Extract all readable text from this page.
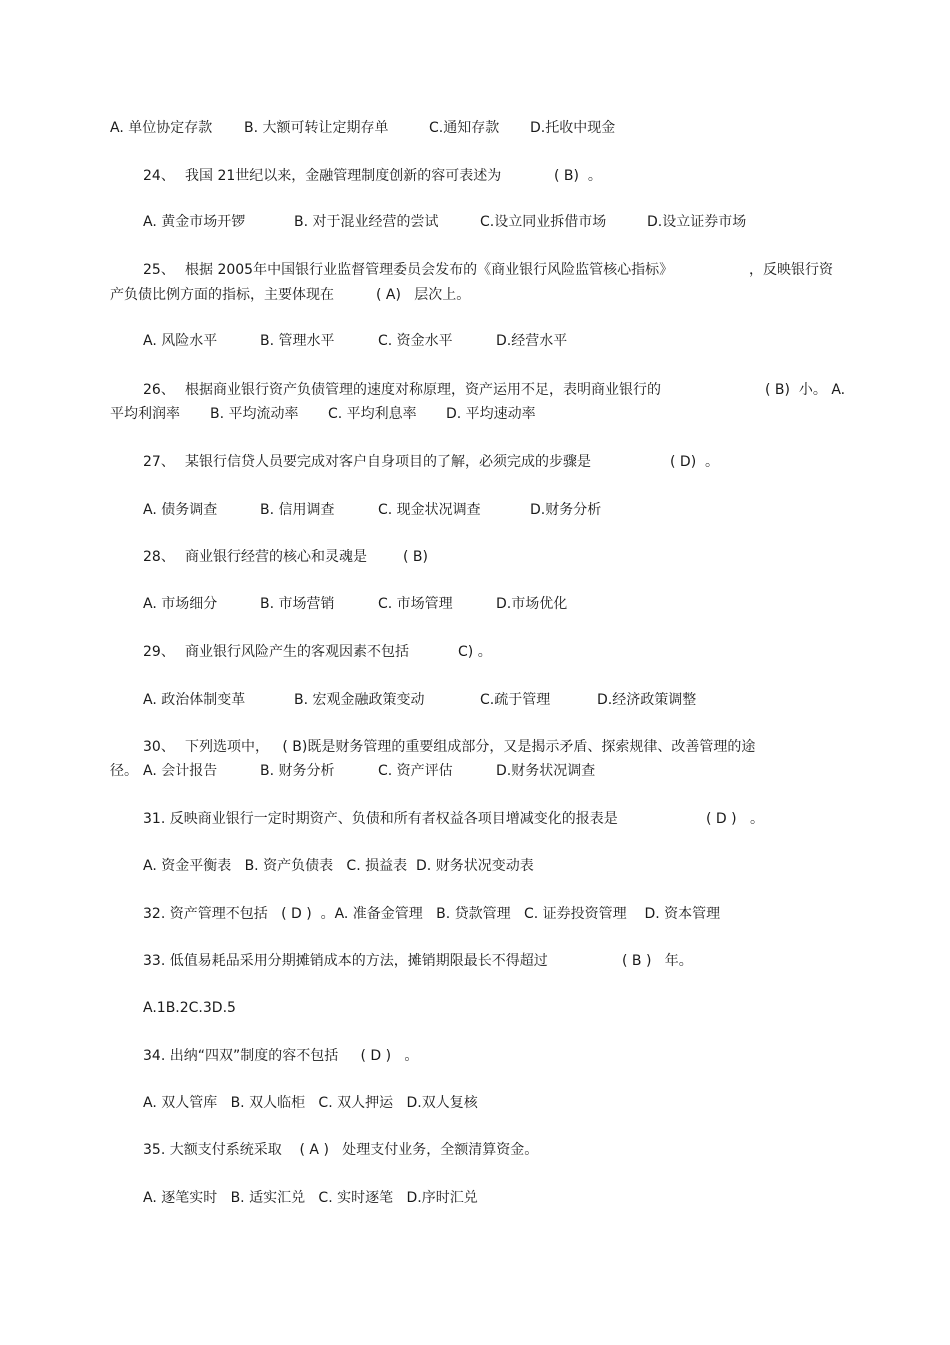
A. 单位协定存款 B. 大额可转让定期存单	C.通知存款 D.托收中现金
24、 我国 21世纪以来，金融管理制度创新的容可表述为	( B)  。
A. 黄金市场开锣	B. 对于混业经营的尝试	C.设立同业拆借市场	D.设立证券市场
25、 根据 2005年中国银行业监督管理委员会发布的《商业银行风险监管核心指标》	，反映银行资
产负债比例方面的指标，主要体现在	( A)   层次上。
A. 风险水平	B. 管理水平	C. 资金水平	D.经营水平
26、 根据商业银行资产负债管理的速度对称原理，资产运用不足，表明商业银行的	( B)  小。 A.
平均利润率 B. 平均流动率 C. 平均利息率 D. 平均速动率
27、 某银行信贷人员要完成对客户自身项目的了解，必须完成的步骤是	( D)  。
A. 债务调查	B. 信用调查	C. 现金状况调查	D.财务分析
28、 商业银行经营的核心和灵魂是	( B)
A. 市场细分	B. 市场营销	C. 市场管理	D.市场优化
29、 商业银行风险产生的客观因素不包括	C) 。
A. 政治体制变革	B. 宏观金融政策变动	C.疏于管理	D.经济政策调整
30、 下列选项中，   ( B)既是财务管理的重要组成部分，又是揭示矛盾、探索规律、改善管理的途
径。 A. 会计报告	B. 财务分析	C. 资产评估	D.财务状况调查
31. 反映商业银行一定时期资产、负债和所有者权益各项目增减变化的报表是	( D )   。
A. 资金平衡表   B. 资产负债表   C. 损益表  D. 财务状况变动表
32. 资产管理不包括   ( D )  。A. 准备金管理   B. 贷款管理   C. 证券投资管理    D. 资本管理
33. 低值易耗品采用分期摊销成本的方法，摊销期限最长不得超过	( B )   年。
A.1B.2C.3D.5
34. 出纳“四双”制度的容不包括     ( D )   。
A. 双人管库   B. 双人临柜   C. 双人押运   D.双人复核
35. 大额支付系统采取    ( A )   处理支付业务，全额清算资金。
A. 逐笔实时   B. 适实汇兑   C. 实时逐笔   D.序时汇兑
